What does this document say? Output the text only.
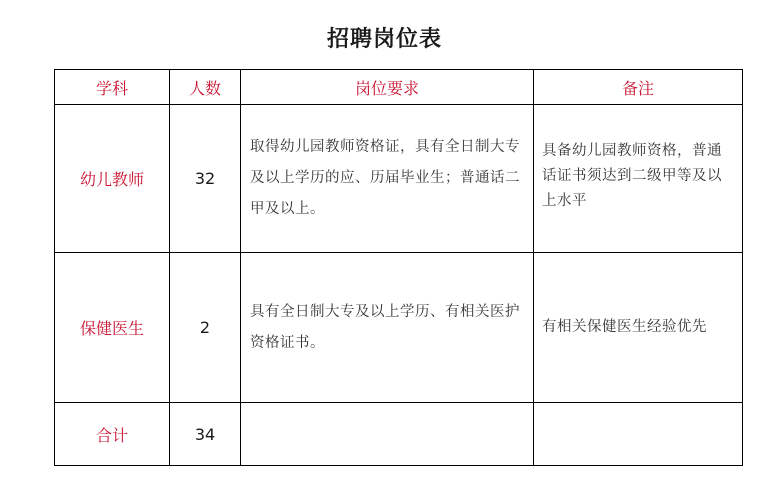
招聘岗位表
学科	人数	岗位要求	备注
幼儿教师	32	取得幼儿园教师资格证，具有全日制大专及以上学历的应、历届毕业生；普通话二甲及以上。	具备幼儿园教师资格，普通话证书须达到二级甲等及以上水平

保健医生	2	具有全日制大专及以上学历、有相关医护资格证书。	有相关保健医生经验优先

合计	34		
